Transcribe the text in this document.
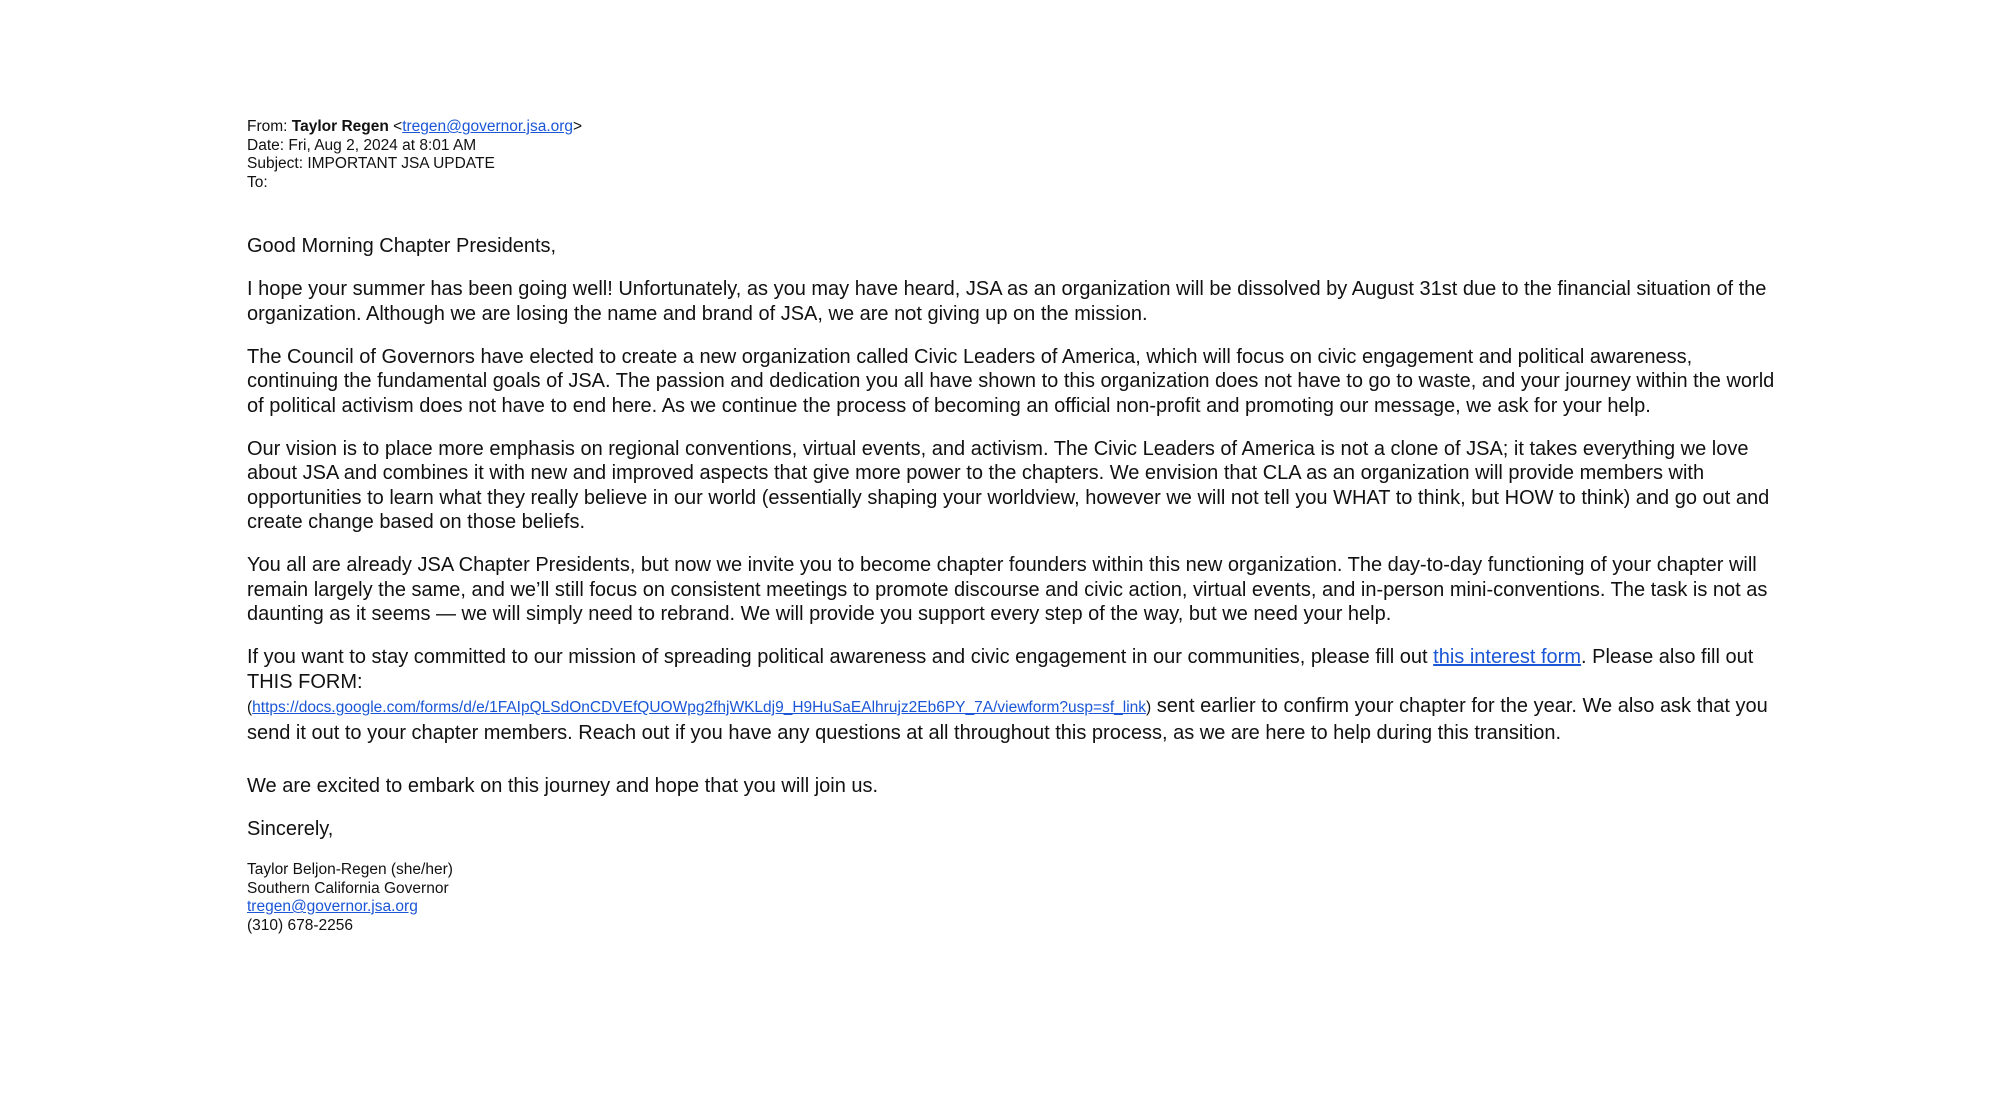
From: Taylor Regen <tregen@governor.jsa.org>
Date: Fri, Aug 2, 2024 at 8:01 AM
Subject: IMPORTANT JSA UPDATE
To:

Good Morning Chapter Presidents,

I hope your summer has been going well! Unfortunately, as you may have heard, JSA as an organization will be dissolved by August 31st due to the financial situation of the organization. Although we are losing the name and brand of JSA, we are not giving up on the mission.

The Council of Governors have elected to create a new organization called Civic Leaders of America, which will focus on civic engagement and political awareness, continuing the fundamental goals of JSA. The passion and dedication you all have shown to this organization does not have to go to waste, and your journey within the world of political activism does not have to end here. As we continue the process of becoming an official non-profit and promoting our message, we ask for your help.

Our vision is to place more emphasis on regional conventions, virtual events, and activism. The Civic Leaders of America is not a clone of JSA; it takes everything we love about JSA and combines it with new and improved aspects that give more power to the chapters. We envision that CLA as an organization will provide members with opportunities to learn what they really believe in our world (essentially shaping your worldview, however we will not tell you WHAT to think, but HOW to think) and go out and create change based on those beliefs.

You all are already JSA Chapter Presidents, but now we invite you to become chapter founders within this new organization. The day-to-day functioning of your chapter will remain largely the same, and we’ll still focus on consistent meetings to promote discourse and civic action, virtual events, and in-person mini-conventions. The task is not as daunting as it seems — we will simply need to rebrand. We will provide you support every step of the way, but we need your help.

If you want to stay committed to our mission of spreading political awareness and civic engagement in our communities, please fill out this interest form. Please also fill out THIS FORM:
(https://docs.google.com/forms/d/e/1FAIpQLSdOnCDVEfQUOWpg2fhjWKLdj9_H9HuSaEAlhrujz2Eb6PY_7A/viewform?usp=sf_link) sent earlier to confirm your chapter for the year. We also ask that you send it out to your chapter members. Reach out if you have any questions at all throughout this process, as we are here to help during this transition.

We are excited to embark on this journey and hope that you will join us.

Sincerely,

Taylor Beljon-Regen (she/her)
Southern California Governor
tregen@governor.jsa.org
(310) 678-2256
